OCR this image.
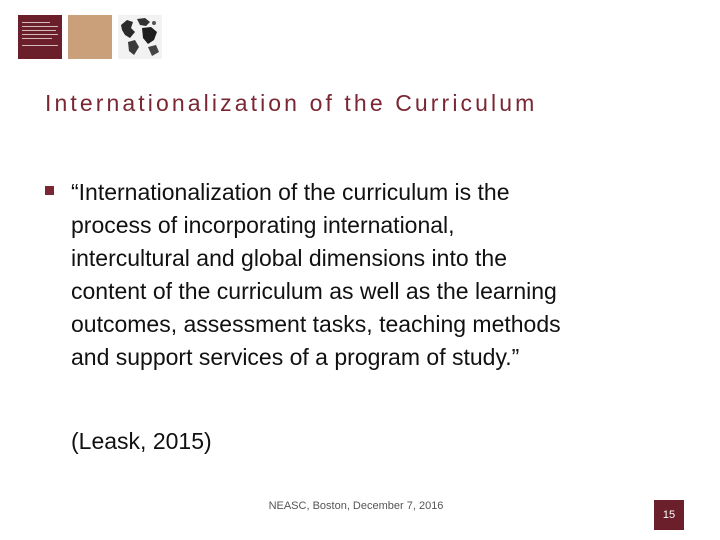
Internationalization of the Curriculum
“Internationalization of the curriculum is the
process of incorporating international,
intercultural and global dimensions into the
content of the curriculum as well as the learning
outcomes, assessment tasks, teaching methods
and support services of a program of study.”
(Leask, 2015)
NEASC, Boston, December 7, 2016
15
